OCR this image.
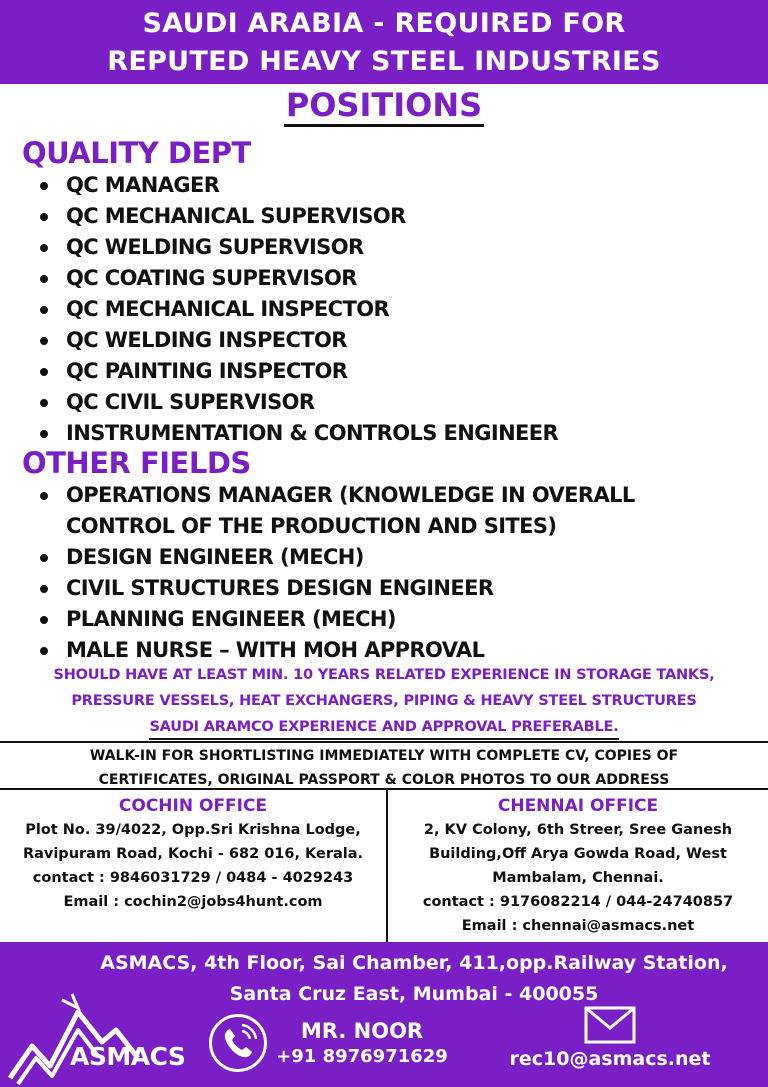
SAUDI ARABIA - REQUIRED FOR
REPUTED HEAVY STEEL INDUSTRIES
POSITIONS
QUALITY DEPT
QC MANAGER
QC MECHANICAL SUPERVISOR
QC WELDING SUPERVISOR
QC COATING SUPERVISOR
QC MECHANICAL INSPECTOR
QC WELDING INSPECTOR
QC PAINTING INSPECTOR
QC CIVIL SUPERVISOR
INSTRUMENTATION & CONTROLS ENGINEER
OTHER FIELDS
OPERATIONS MANAGER (KNOWLEDGE IN OVERALL CONTROL OF THE PRODUCTION AND SITES)
DESIGN ENGINEER (MECH)
CIVIL STRUCTURES DESIGN ENGINEER
PLANNING ENGINEER (MECH)
MALE NURSE – WITH MOH APPROVAL
SHOULD HAVE AT LEAST MIN. 10 YEARS RELATED EXPERIENCE IN STORAGE TANKS,
PRESSURE VESSELS, HEAT EXCHANGERS, PIPING & HEAVY STEEL STRUCTURES
SAUDI ARAMCO EXPERIENCE AND APPROVAL PREFERABLE.
WALK-IN FOR SHORTLISTING IMMEDIATELY WITH COMPLETE CV, COPIES OF
CERTIFICATES, ORIGINAL PASSPORT & COLOR PHOTOS TO OUR ADDRESS
COCHIN OFFICE
Plot No. 39/4022, Opp.Sri Krishna Lodge,
Ravipuram Road, Kochi - 682 016, Kerala.
contact : 9846031729 / 0484 - 4029243
Email : cochin2@jobs4hunt.com
CHENNAI OFFICE
2, KV Colony, 6th Streer, Sree Ganesh
Building,Off Arya Gowda Road, West
Mambalam, Chennai.
contact : 9176082214 / 044-24740857
Email : chennai@asmacs.net
ASMACS, 4th Floor, Sai Chamber, 411,opp.Railway Station,
Santa Cruz East, Mumbai - 400055
ASMACS
MR. NOOR
+91 8976971629	rec10@asmacs.net
